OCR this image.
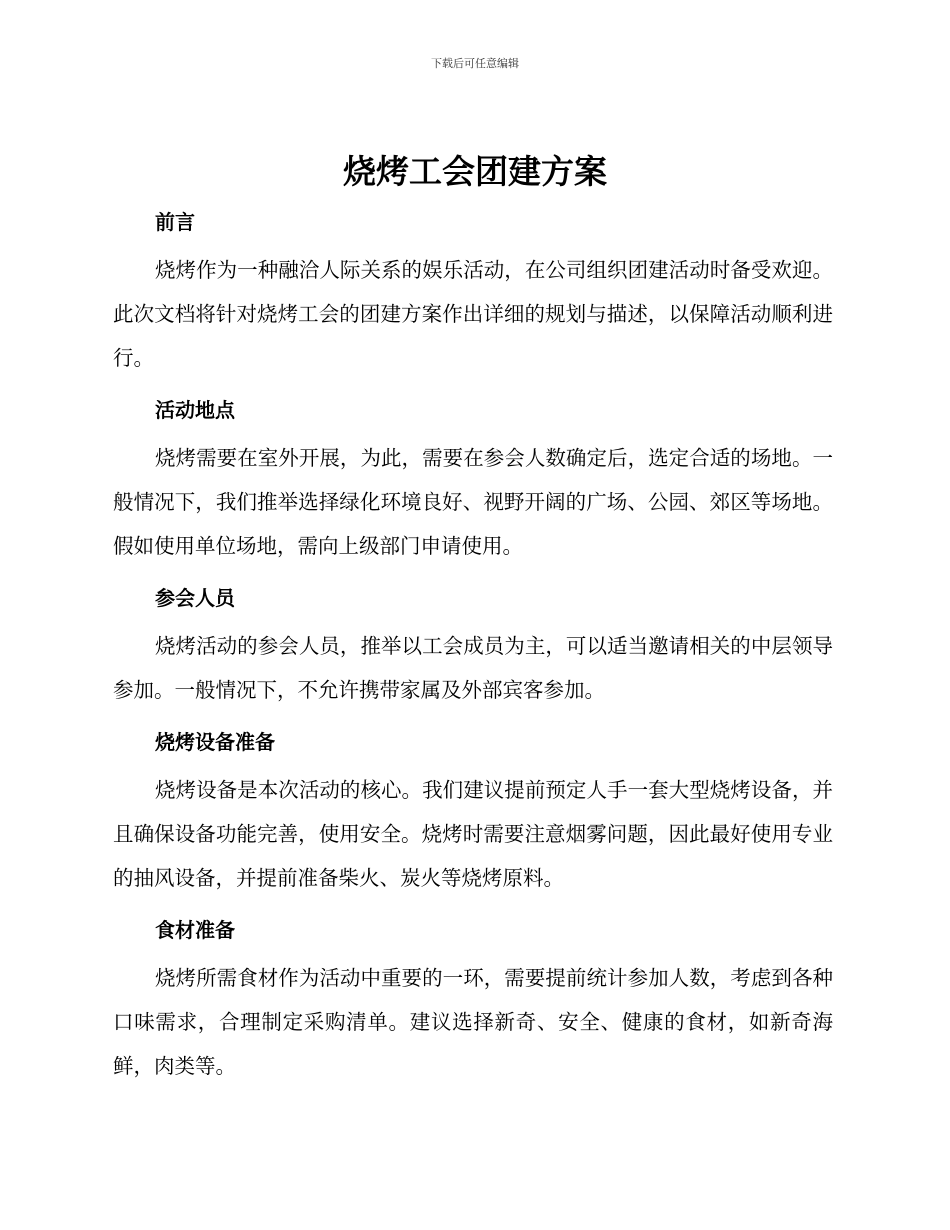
下载后可任意编辑
烧烤工会团建方案
前言

烧烤作为一种融洽人际关系的娱乐活动，在公司组织团建活动时备受欢迎。此次文档将针对烧烤工会的团建方案作出详细的规划与描述，以保障活动顺利进行。

活动地点

烧烤需要在室外开展，为此，需要在参会人数确定后，选定合适的场地。一般情况下，我们推举选择绿化环境良好、视野开阔的广场、公园、郊区等场地。假如使用单位场地，需向上级部门申请使用。

参会人员

烧烤活动的参会人员，推举以工会成员为主，可以适当邀请相关的中层领导参加。一般情况下，不允许携带家属及外部宾客参加。

烧烤设备准备

烧烤设备是本次活动的核心。我们建议提前预定人手一套大型烧烤设备，并且确保设备功能完善，使用安全。烧烤时需要注意烟雾问题，因此最好使用专业的抽风设备，并提前准备柴火、炭火等烧烤原料。

食材准备

烧烤所需食材作为活动中重要的一环，需要提前统计参加人数，考虑到各种口味需求，合理制定采购清单。建议选择新奇、安全、健康的食材，如新奇海鲜，肉类等。
